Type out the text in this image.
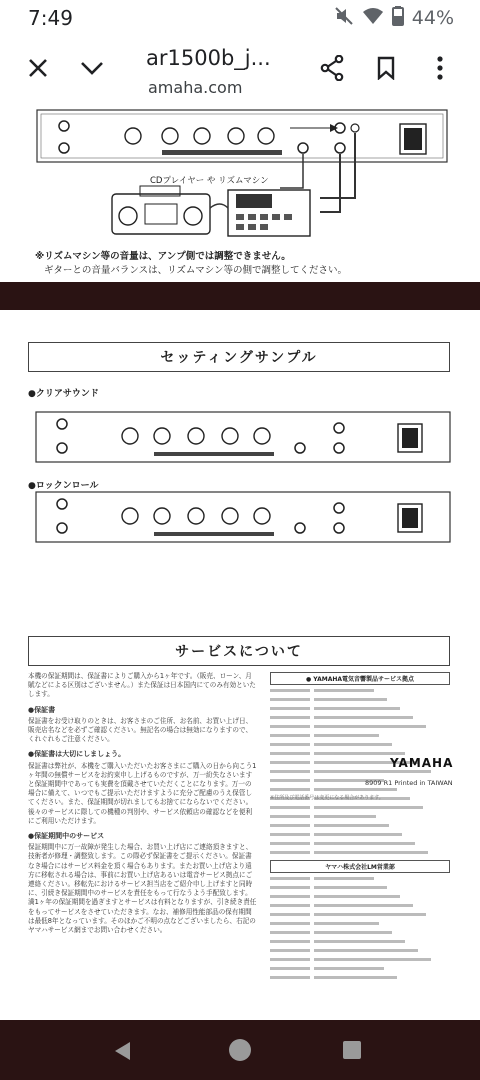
7:49	44%
ar1500b_j...
amaha.com
CDプレイヤー や リズムマシン
※リズムマシン等の音量は、アンプ側では調整できません。
ギターとの音量バランスは、リズムマシン等の側で調整してください。
セッティングサンプル
●クリアサウンド
●ロックンロール
サービスについて

本機の保証期間は、保証書によりご購入から1ヶ年です。（販売、ローン、月賦などによる区別はございません。）また保証は日本国内にてのみ有効といたします。

●保証書

保証書をお受け取りのときは、お客さまのご住所、お名前、お買い上げ日、販売店名などを必ずご確認ください。無記名の場合は無効になりますので、くれぐれもご注意ください。

●保証書は大切にしましょう。

保証書は弊社が、本機をご購入いただいたお客さまにご購入の日から向こう1ヶ年間の無償サービスをお約束申し上げるものですが、万一紛失なさいますと保証期間中であっても実費を頂戴させていただくことになります。万一の場合に備えて、いつでもご提示いただけますように充分ご配慮のうえ保管してください。また、保証期間が切れましてもお捨てにならないでください。後々のサービスに際しての機種の判別や、サービス依頼店の確認などを便利にご利用いただけます。

●保証期間中のサービス

保証期間中に万一故障が発生した場合、お買い上げ店にご連絡頂きますと、技術者が修理・調整致します。この際必ず保証書をご提示ください。保証書なき場合にはサービス料金を頂く場合もあります。またお買い上げ店より遠方に移転される場合は、事前にお買い上げ店あるいは電音サービス拠点にご連絡ください。移転先におけるサービス担当店をご紹介申し上げますと同時に、引続き保証期間中のサービスを責任をもって行なうよう手配致します。満1ヶ年の保証期間を過ぎますとサービスは有料となりますが、引き続き責任をもってサービスをさせていただきます。なお、補修用性能部品の保有期間は最低8年となっています。そのほかご不明の点などございましたら、右記のヤマハサービス網までお問い合わせください。

● YAMAHA電気音響製品サービス拠点
ヤマハ株式会社LM営業部
YAMAHA
8909 R1 Printed in TAIWAN
※住所及び電話番号は変更になる場合があります。
